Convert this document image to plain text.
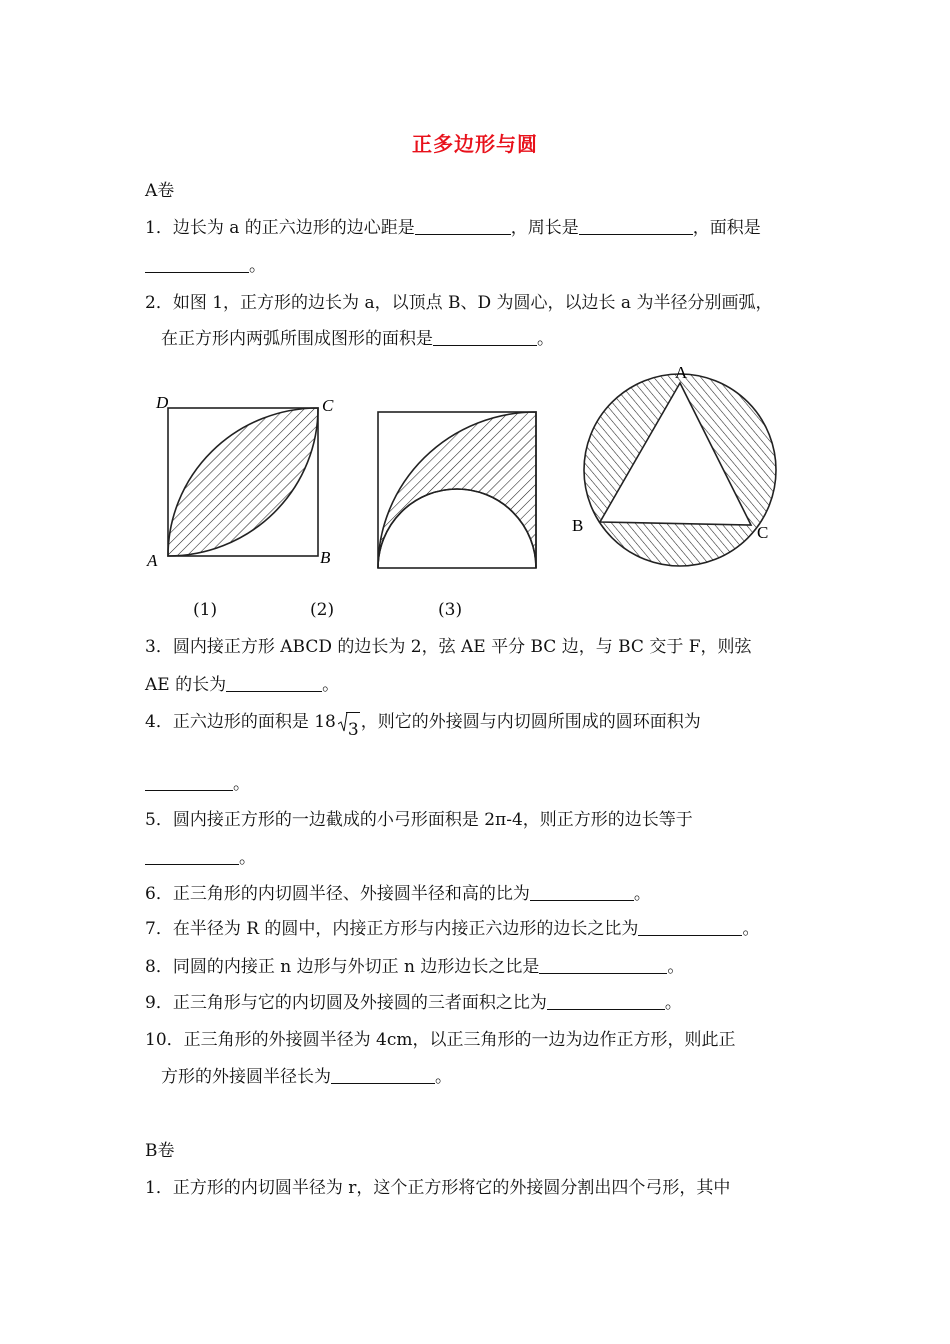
正多边形与圆
A卷
1．边长为 a 的正六边形的边心距是	，周长是	，面积是
。
2．如图 1，正方形的边长为 a，以顶点 B、D 为圆心，以边长 a 为半径分别画弧，
在正方形内两弧所围成图形的面积是	。
D	C
A	B
A
B	C
(1)	(2)	(3)
3．圆内接正方形 ABCD 的边长为 2，弦 AE 平分 BC 边，与 BC 交于 F，则弦
AE 的长为	。
4．正六边形的面积是 18 3 ，则它的外接圆与内切圆所围成的圆环面积为
。
5．圆内接正方形的一边截成的小弓形面积是 2π-4，则正方形的边长等于
。
6．正三角形的内切圆半径、外接圆半径和高的比为	。
7．在半径为 R 的圆中，内接正方形与内接正六边形的边长之比为	。
8．同圆的内接正 n 边形与外切正 n 边形边长之比是	。
9．正三角形与它的内切圆及外接圆的三者面积之比为	。
10．正三角形的外接圆半径为 4cm，以正三角形的一边为边作正方形，则此正
方形的外接圆半径长为	。
B卷
1．正方形的内切圆半径为 r，这个正方形将它的外接圆分割出四个弓形，其中
